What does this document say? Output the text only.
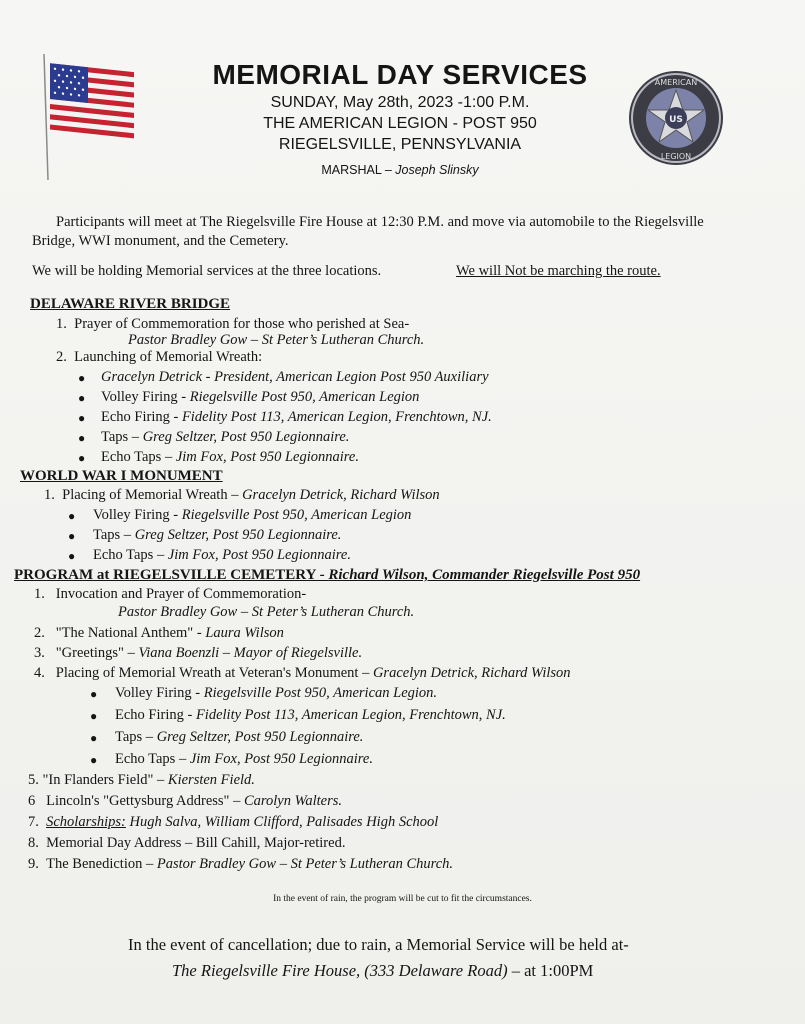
MEMORIAL DAY SERVICES
SUNDAY, May 28th, 2023 -1:00 P.M.
THE AMERICAN LEGION - POST 950
RIEGELSVILLE, PENNSYLVANIA
MARSHAL – Joseph Slinsky
US
AMERICAN
LEGION
Participants will meet at The Riegelsville Fire House at 12:30 P.M. and move via automobile to the Riegelsville Bridge, WWI monument, and the Cemetery.
We will be holding Memorial services at the three locations.	We will Not be marching the route.
DELAWARE RIVER BRIDGE
1. Prayer of Commemoration for those who perished at Sea-
Pastor Bradley Gow – St Peter’s Lutheran Church.
2. Launching of Memorial Wreath:
● Gracelyn Detrick - President, American Legion Post 950 Auxiliary
● Volley Firing - Riegelsville Post 950, American Legion
● Echo Firing - Fidelity Post 113, American Legion, Frenchtown, NJ.
● Taps – Greg Seltzer, Post 950 Legionnaire.
● Echo Taps – Jim Fox, Post 950 Legionnaire.
WORLD WAR I MONUMENT
1. Placing of Memorial Wreath – Gracelyn Detrick, Richard Wilson
● Volley Firing - Riegelsville Post 950, American Legion
● Taps – Greg Seltzer, Post 950 Legionnaire.
● Echo Taps – Jim Fox, Post 950 Legionnaire.
PROGRAM at RIEGELSVILLE CEMETERY - Richard Wilson, Commander Riegelsville Post 950
1. Invocation and Prayer of Commemoration-
Pastor Bradley Gow – St Peter’s Lutheran Church.
2. "The National Anthem" - Laura Wilson
3. "Greetings" – Viana Boenzli – Mayor of Riegelsville.
4. Placing of Memorial Wreath at Veteran's Monument – Gracelyn Detrick, Richard Wilson
● Volley Firing - Riegelsville Post 950, American Legion.
● Echo Firing - Fidelity Post 113, American Legion, Frenchtown, NJ.
● Taps – Greg Seltzer, Post 950 Legionnaire.
● Echo Taps – Jim Fox, Post 950 Legionnaire.
5. "In Flanders Field" – Kiersten Field.
6 Lincoln's "Gettysburg Address" – Carolyn Walters.
7. Scholarships: Hugh Salva, William Clifford, Palisades High School
8. Memorial Day Address – Bill Cahill, Major-retired.
9. The Benediction – Pastor Bradley Gow – St Peter’s Lutheran Church.
In the event of rain, the program will be cut to fit the circumstances.
In the event of cancellation; due to rain, a Memorial Service will be held at-
The Riegelsville Fire House, (333 Delaware Road) – at 1:00PM
